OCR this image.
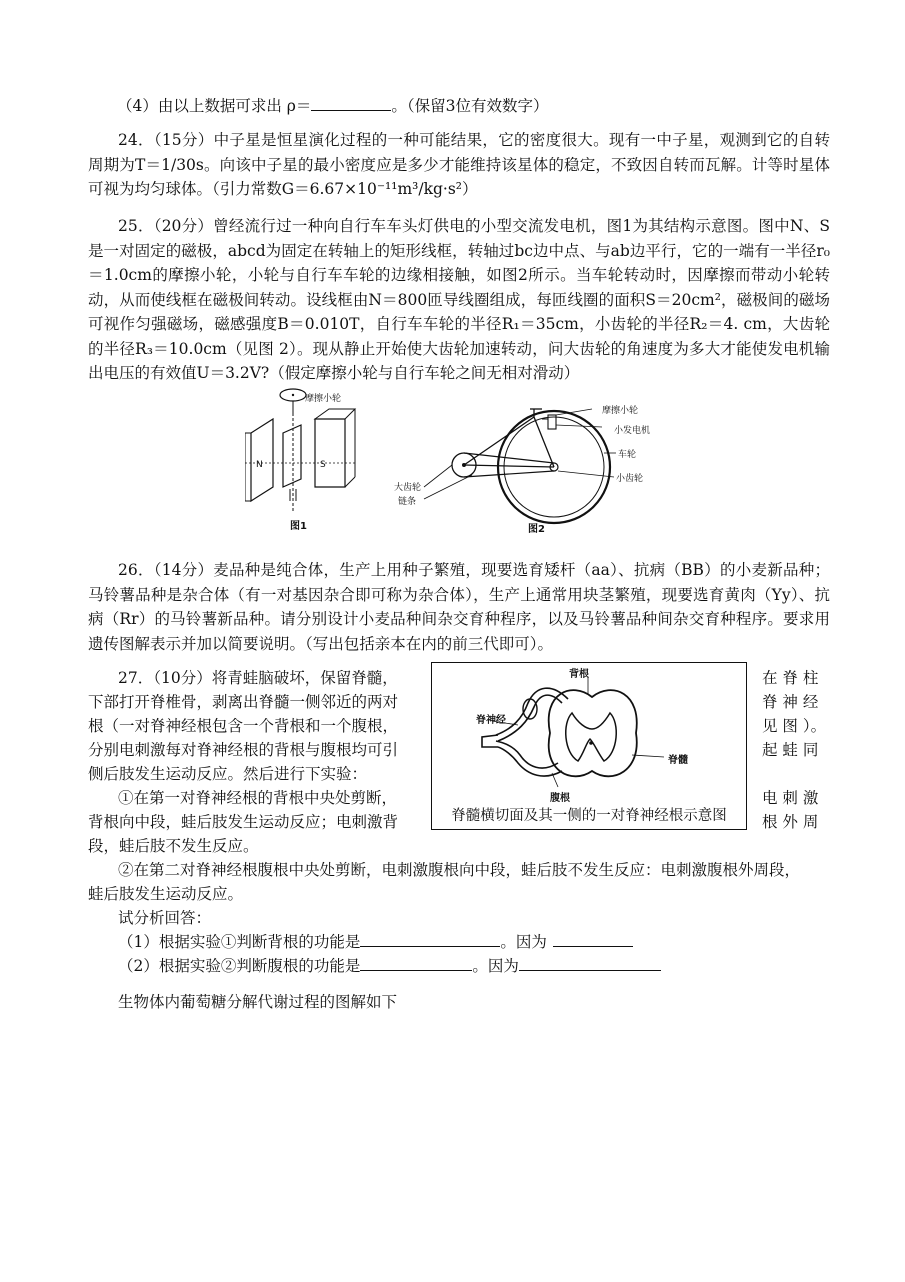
（4）由以上数据可求出 ρ＝	。（保留3位有效数字）

24．（15分）中子星是恒星演化过程的一种可能结果，它的密度很大。现有一中子星，观测到它的自转周期为T＝1/30s。向该中子星的最小密度应是多少才能维持该星体的稳定，不致因自转而瓦解。计等时星体可视为均匀球体。（引力常数G＝6.67×10⁻¹¹m³/kg·s²）

25．（20分）曾经流行过一种向自行车车头灯供电的小型交流发电机，图1为其结构示意图。图中N、S是一对固定的磁极，abcd为固定在转轴上的矩形线框，转轴过bc边中点、与ab边平行，它的一端有一半径r₀＝1.0cm的摩擦小轮，小轮与自行车车轮的边缘相接触，如图2所示。当车轮转动时，因摩擦而带动小轮转动，从而使线框在磁极间转动。设线框由N＝800匝导线圈组成，每匝线圈的面积S＝20cm²，磁极间的磁场可视作匀强磁场，磁感强度B＝0.010T，自行车车轮的半径R₁＝35cm，小齿轮的半径R₂＝4. cm，大齿轮的半径R₃＝10.0cm（见图 2）。现从静止开始使大齿轮加速转动，问大齿轮的角速度为多大才能使发电机输出电压的有效值U＝3.2V?（假定摩擦小轮与自行车轮之间无相对滑动）

摩擦小轮
N	S
图1
摩擦小轮
小发电机
车轮
小齿轮
大齿轮
链条
图2

26．（14分）麦品种是纯合体，生产上用种子繁殖，现要选育矮杆（aa）、抗病（BB）的小麦新品种；马铃薯品种是杂合体（有一对基因杂合即可称为杂合体），生产上通常用块茎繁殖，现要选育黄肉（Yy）、抗病（Rr）的马铃薯新品种。请分别设计小麦品种间杂交育种程序，以及马铃薯品种间杂交育种程序。要求用遗传图解表示并加以简要说明。（写出包括亲本在内的前三代即可）。

27．（10分）将青蛙脑破坏，保留脊髓，
下部打开脊椎骨，剥离出脊髓一侧邻近的两对
根（一对脊神经根包含一个背根和一个腹根，
分别电刺激每对脊神经根的背根与腹根均可引
侧后肢发生运动反应。然后进行下实验：
在 脊 柱
脊 神 经
见 图 ）。
起 蛙 同
①在第一对脊神经根的背根中央处剪断，
背根向中段，蛙后肢发生运动反应；电刺激背
段，蛙后肢不发生反应。
电 刺 激
根 外 周
背根
脊神经
脊髓
腹根
脊髓横切面及其一侧的一对脊神经根示意图
②在第二对脊神经根腹根中央处剪断，电刺激腹根向中段，蛙后肢不发生反应：电刺激腹根外周段，
蛙后肢发生运动反应。
试分析回答：
（1）根据实验①判断背根的功能是	。因为
（2）根据实验②判断腹根的功能是	。因为
生物体内葡萄糖分解代谢过程的图解如下
